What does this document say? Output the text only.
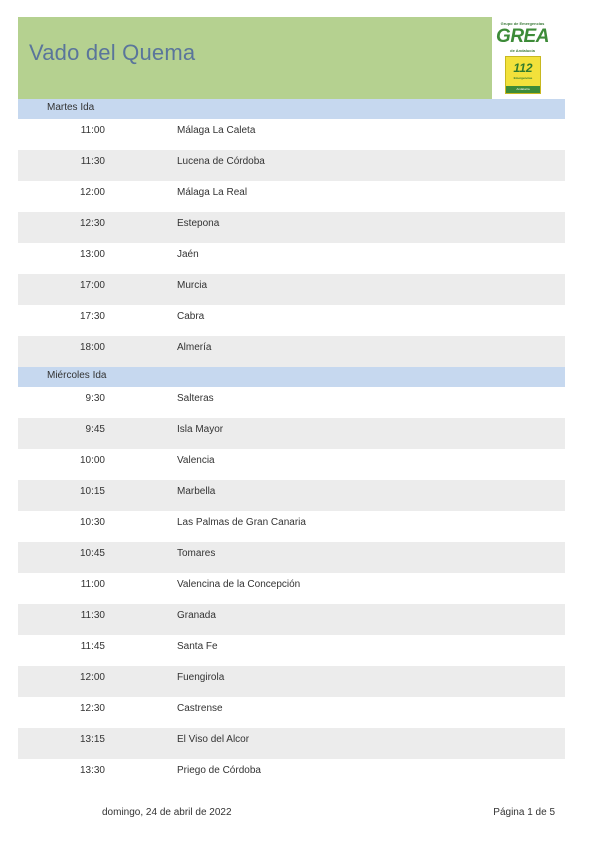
Vado del Quema
Grupo de Emergencias
GREA
de Andalucía
112
Emergencias
Andalucía
Martes Ida
11:00	Málaga La Caleta
11:30	Lucena de Córdoba
12:00	Málaga La Real
12:30	Estepona
13:00	Jaén
17:00	Murcia
17:30	Cabra
18:00	Almería
Miércoles Ida
9:30	Salteras
9:45	Isla Mayor
10:00	Valencia
10:15	Marbella
10:30	Las Palmas de Gran Canaria
10:45	Tomares
11:00	Valencina de la Concepción
11:30	Granada
11:45	Santa Fe
12:00	Fuengirola
12:30	Castrense
13:15	El Viso del Alcor
13:30	Priego de Córdoba
domingo, 24 de abril de 2022	Página 1 de 5
